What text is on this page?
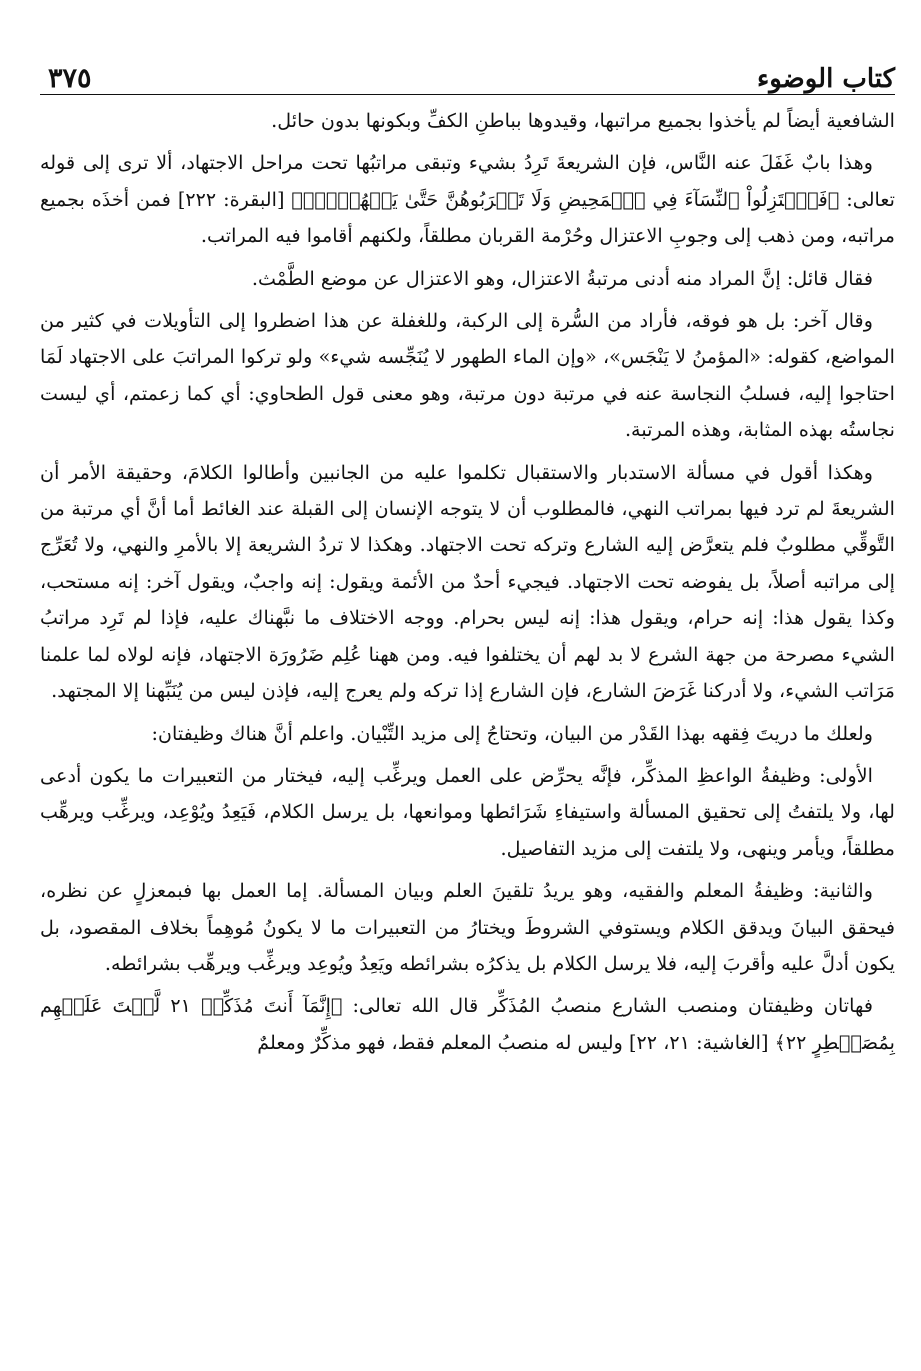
كتاب الوضوء
٣٧٥

الشافعية أيضاً لم يأخذوا بجميع مراتبها، وقيدوها بباطنِ الكفِّ وبكونها بدون حائل.

وهذا بابٌ غَفَلَ عنه النَّاس، فإن الشريعةَ تَرِدُ بشيء وتبقى مراتبُها تحت مراحل الاجتهاد، ألا ترى إلى قوله تعالى: ﴿فَٱعۡتَزِلُواْ ٱلنِّسَآءَ فِي ٱلۡمَحِيضِ وَلَا تَقۡرَبُوهُنَّ حَتَّىٰ يَطۡهُرۡنَۖ﴾ [البقرة: ٢٢٢] فمن أخذَه بجميع مراتبه، ومن ذهب إلى وجوبِ الاعتزال وحُرْمة القربان مطلقاً، ولكنهم أقاموا فيه المراتب.

فقال قائل: إنَّ المراد منه أدنى مرتبةُ الاعتزال، وهو الاعتزال عن موضع الطَّمْث.

وقال آخر: بل هو فوقه، فأراد من السُّرة إلى الركبة، وللغفلة عن هذا اضطروا إلى التأويلات في كثير من المواضع، كقوله: «المؤمنُ لا يَنْجَس»، «وإن الماء الطهور لا يُنَجِّسه شيء» ولو تركوا المراتبَ على الاجتهاد لَمَا احتاجوا إليه، فسلبُ النجاسة عنه في مرتبة دون مرتبة، وهو معنى قول الطحاوي: أي كما زعمتم، أي ليست نجاستُه بهذه المثابة، وهذه المرتبة.

وهكذا أقول في مسألة الاستدبار والاستقبال تكلموا عليه من الجانبين وأطالوا الكلامَ، وحقيقة الأمر أن الشريعةَ لم ترد فيها بمراتب النهي، فالمطلوب أن لا يتوجه الإنسان إلى القبلة عند الغائط أما أنَّ أي مرتبة من التَّوقِّي مطلوبٌ فلم يتعرَّض إليه الشارع وتركه تحت الاجتهاد. وهكذا لا تردُ الشريعة إلا بالأمرِ والنهي، ولا تُعَرِّج إلى مراتبه أصلاً، بل يفوضه تحت الاجتهاد. فيجيء أحدٌ من الأئمة ويقول: إنه واجبٌ، ويقول آخر: إنه مستحب، وكذا يقول هذا: إنه حرام، ويقول هذا: إنه ليس بحرام. ووجه الاختلاف ما نبَّهناك عليه، فإذا لم تَرِد مراتبُ الشيء مصرحة من جهة الشرع لا بد لهم أن يختلفوا فيه. ومن ههنا عُلِم ضَرُورَة الاجتهاد، فإنه لولاه لما علمنا مَرَاتب الشيء، ولا أدركنا غَرَضَ الشارع، فإن الشارع إذا تركه ولم يعرج إليه، فإذن ليس من يُنَبِّهنا إلا المجتهد.

ولعلك ما دريتَ فِقهه بهذا القَدْر من البيان، وتحتاجُ إلى مزيد التِّبْيان. واعلم أنَّ هناك وظيفتان:

الأولى: وظيفةُ الواعظِ المذكِّر، فإنَّه يحرِّض على العمل ويرغِّب إليه، فيختار من التعبيرات ما يكون أدعى لها، ولا يلتفتُ إلى تحقيق المسألة واستيفاءِ شَرَائطها وموانعها، بل يرسل الكلام، فَيَعِدُ ويُوْعِد، ويرغِّب ويرهِّب مطلقاً، ويأمر وينهى، ولا يلتفت إلى مزيد التفاصيل.

والثانية: وظيفةُ المعلم والفقيه، وهو يريدُ تلقينَ العلم وبيان المسألة. إما العمل بها فبمعزلٍ عن نظره، فيحقق البيانَ ويدقق الكلام ويستوفي الشروطَ ويختارُ من التعبيرات ما لا يكونُ مُوهِماً بخلاف المقصود، بل يكون أدلَّ عليه وأقربَ إليه، فلا يرسل الكلام بل يذكرُه بشرائطه ويَعِدُ ويُوعِد ويرغِّب ويرهِّب بشرائطه.

فهاتان وظيفتان ومنصب الشارع منصبُ المُذَكِّر قال الله تعالى: ﴿إِنَّمَآ أَنتَ مُذَكِّرٞ ٢١ لَّسۡتَ عَلَيۡهِم بِمُصَيۡطِرٍ ٢٢﴾ [الغاشية: ٢١، ٢٢] وليس له منصبُ المعلم فقط، فهو مذكِّرٌ ومعلمٌ
